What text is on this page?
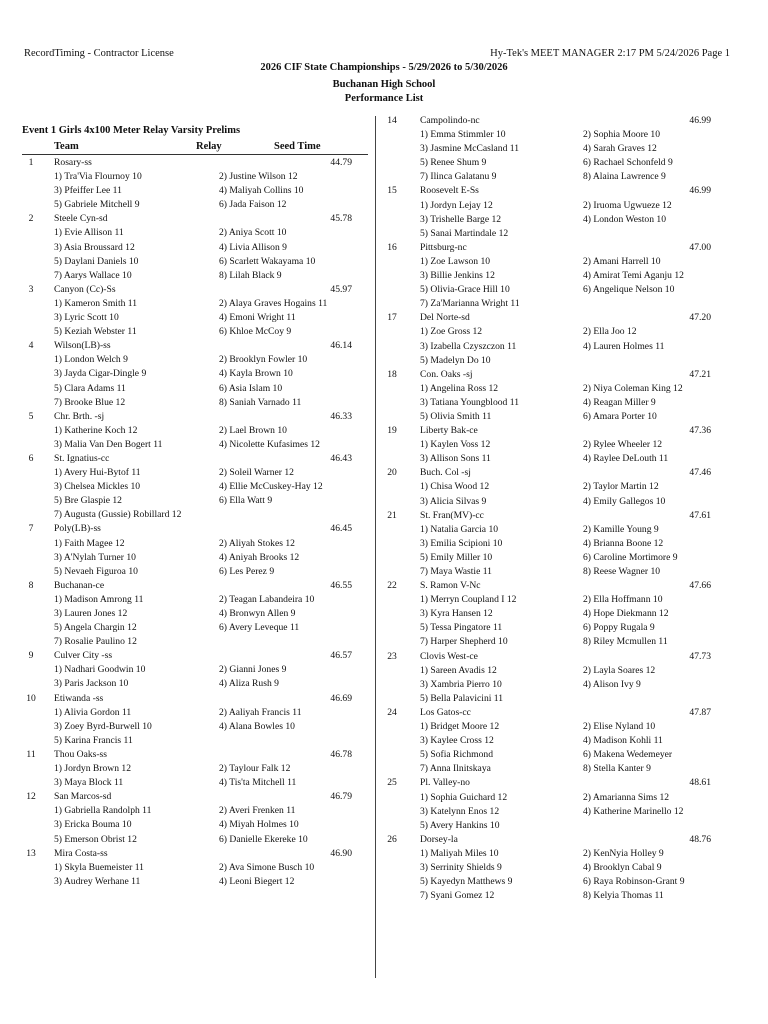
RecordTiming - Contractor License	Hy-Tek's MEET MANAGER 2:17 PM 5/24/2026 Page 1
2026 CIF State Championships - 5/29/2026 to 5/30/2026
Buchanan High School
Performance List
Event 1 Girls 4x100 Meter Relay Varsity Prelims
Team	Relay	Seed Time
1	Rosary-ss	44.79
1) Tra'Via Flournoy 10	2) Justine Wilson 12
3) Pfeiffer Lee 11	4) Maliyah Collins 10
5) Gabriele Mitchell 9	6) Jada Faison 12
2	Steele Cyn-sd	45.78
1) Evie Allison 11	2) Aniya Scott 10
3) Asia Broussard 12	4) Livia Allison 9
5) Daylani Daniels 10	6) Scarlett Wakayama 10
7) Aarys Wallace 10	8) Lilah Black 9
3	Canyon (Cc)-Ss	45.97
1) Kameron Smith 11	2) Alaya Graves Hogains 11
3) Lyric Scott 10	4) Emoni Wright 11
5) Keziah Webster 11	6) Khloe McCoy 9
4	Wilson(LB)-ss	46.14
1) London Welch 9	2) Brooklyn Fowler 10
3) Jayda Cigar-Dingle 9	4) Kayla Brown 10
5) Clara Adams 11	6) Asia Islam 10
7) Brooke Blue 12	8) Saniah Varnado 11
5	Chr. Brth. -sj	46.33
1) Katherine Koch 12	2) Lael Brown 10
3) Malia Van Den Bogert 11	4) Nicolette Kufasimes 12
6	St. Ignatius-cc	46.43
1) Avery Hui-Bytof 11	2) Soleil Warner 12
3) Chelsea Mickles 10	4) Ellie McCuskey-Hay 12
5) Bre Glaspie 12	6) Ella Watt 9
7) Augusta (Gussie) Robillard 12
7	Poly(LB)-ss	46.45
1) Faith Magee 12	2) Aliyah Stokes 12
3) A'Nylah Turner 10	4) Aniyah Brooks 12
5) Nevaeh Figuroa 10	6) Les Perez 9
8	Buchanan-ce	46.55
1) Madison Amrong 11	2) Teagan Labandeira 10
3) Lauren Jones 12	4) Bronwyn Allen 9
5) Angela Chargin 12	6) Avery Leveque 11
7) Rosalie Paulino 12
9	Culver City -ss	46.57
1) Nadhari Goodwin 10	2) Gianni Jones 9
3) Paris Jackson 10	4) Aliza Rush 9
10	Etiwanda -ss	46.69
1) Alivia Gordon 11	2) Aaliyah Francis 11
3) Zoey Byrd-Burwell 10	4) Alana Bowles 10
5) Karina Francis 11
11	Thou Oaks-ss	46.78
1) Jordyn Brown 12	2) Taylour Falk 12
3) Maya Block 11	4) Tis'ta Mitchell 11
12	San Marcos-sd	46.79
1) Gabriella Randolph 11	2) Averi Frenken 11
3) Ericka Bouma 10	4) Miyah Holmes 10
5) Emerson Obrist 12	6) Danielle Ekereke 10
13	Mira Costa-ss	46.90
1) Skyla Buemeister 11	2) Ava Simone Busch 10
3) Audrey Werhane 11	4) Leoni Biegert 12
14	Campolindo-nc	46.99
1) Emma Stimmler 10	2) Sophia Moore 10
3) Jasmine McCasland 11	4) Sarah Graves 12
5) Renee Shum 9	6) Rachael Schonfeld 9
7) Ilinca Galatanu 9	8) Alaina Lawrence 9
15	Roosevelt E-Ss	46.99
1) Jordyn Lejay 12	2) Iruoma Ugwueze 12
3) Trishelle Barge 12	4) London Weston 10
5) Sanai Martindale 12
16	Pittsburg-nc	47.00
1) Zoe Lawson 10	2) Amani Harrell 10
3) Billie Jenkins 12	4) Amirat Temi Aganju 12
5) Olivia-Grace Hill 10	6) Angelique Nelson 10
7) Za'Marianna Wright 11
17	Del Norte-sd	47.20
1) Zoe Gross 12	2) Ella Joo 12
3) Izabella Czyszczon 11	4) Lauren Holmes 11
5) Madelyn Do 10
18	Con. Oaks -sj	47.21
1) Angelina Ross 12	2) Niya Coleman King 12
3) Tatiana Youngblood 11	4) Reagan Miller 9
5) Olivia Smith 11	6) Amara Porter 10
19	Liberty Bak-ce	47.36
1) Kaylen Voss 12	2) Rylee Wheeler 12
3) Allison Sons 11	4) Raylee DeLouth 11
20	Buch. Col -sj	47.46
1) Chisa Wood 12	2) Taylor Martin 12
3) Alicia Silvas 9	4) Emily Gallegos 10
21	St. Fran(MV)-cc	47.61
1) Natalia Garcia 10	2) Kamille Young 9
3) Emilia Scipioni 10	4) Brianna Boone 12
5) Emily Miller 10	6) Caroline Mortimore 9
7) Maya Wastie 11	8) Reese Wagner 10
22	S. Ramon V-Nc	47.66
1) Merryn Coupland I 12	2) Ella Hoffmann 10
3) Kyra Hansen 12	4) Hope Diekmann 12
5) Tessa Pingatore 11	6) Poppy Rugala 9
7) Harper Shepherd 10	8) Riley Mcmullen 11
23	Clovis West-ce	47.73
1) Sareen Avadis 12	2) Layla Soares 12
3) Xambria Pierro 10	4) Alison Ivy 9
5) Bella Palavicini 11
24	Los Gatos-cc	47.87
1) Bridget Moore 12	2) Elise Nyland 10
3) Kaylee Cross 12	4) Madison Kohli 11
5) Sofia Richmond	6) Makena Wedemeyer
7) Anna Ilnitskaya	8) Stella Kanter 9
25	Pl. Valley-no	48.61
1) Sophia Guichard 12	2) Amarianna Sims 12
3) Katelynn Enos 12	4) Katherine Marinello 12
5) Avery Hankins 10
26	Dorsey-la	48.76
1) Maliyah Miles 10	2) KenNyia Holley 9
3) Serrinity Shields 9	4) Brooklyn Cabal 9
5) Kayedyn Matthews 9	6) Raya Robinson-Grant 9
7) Syani Gomez 12	8) Kelyia Thomas 11
